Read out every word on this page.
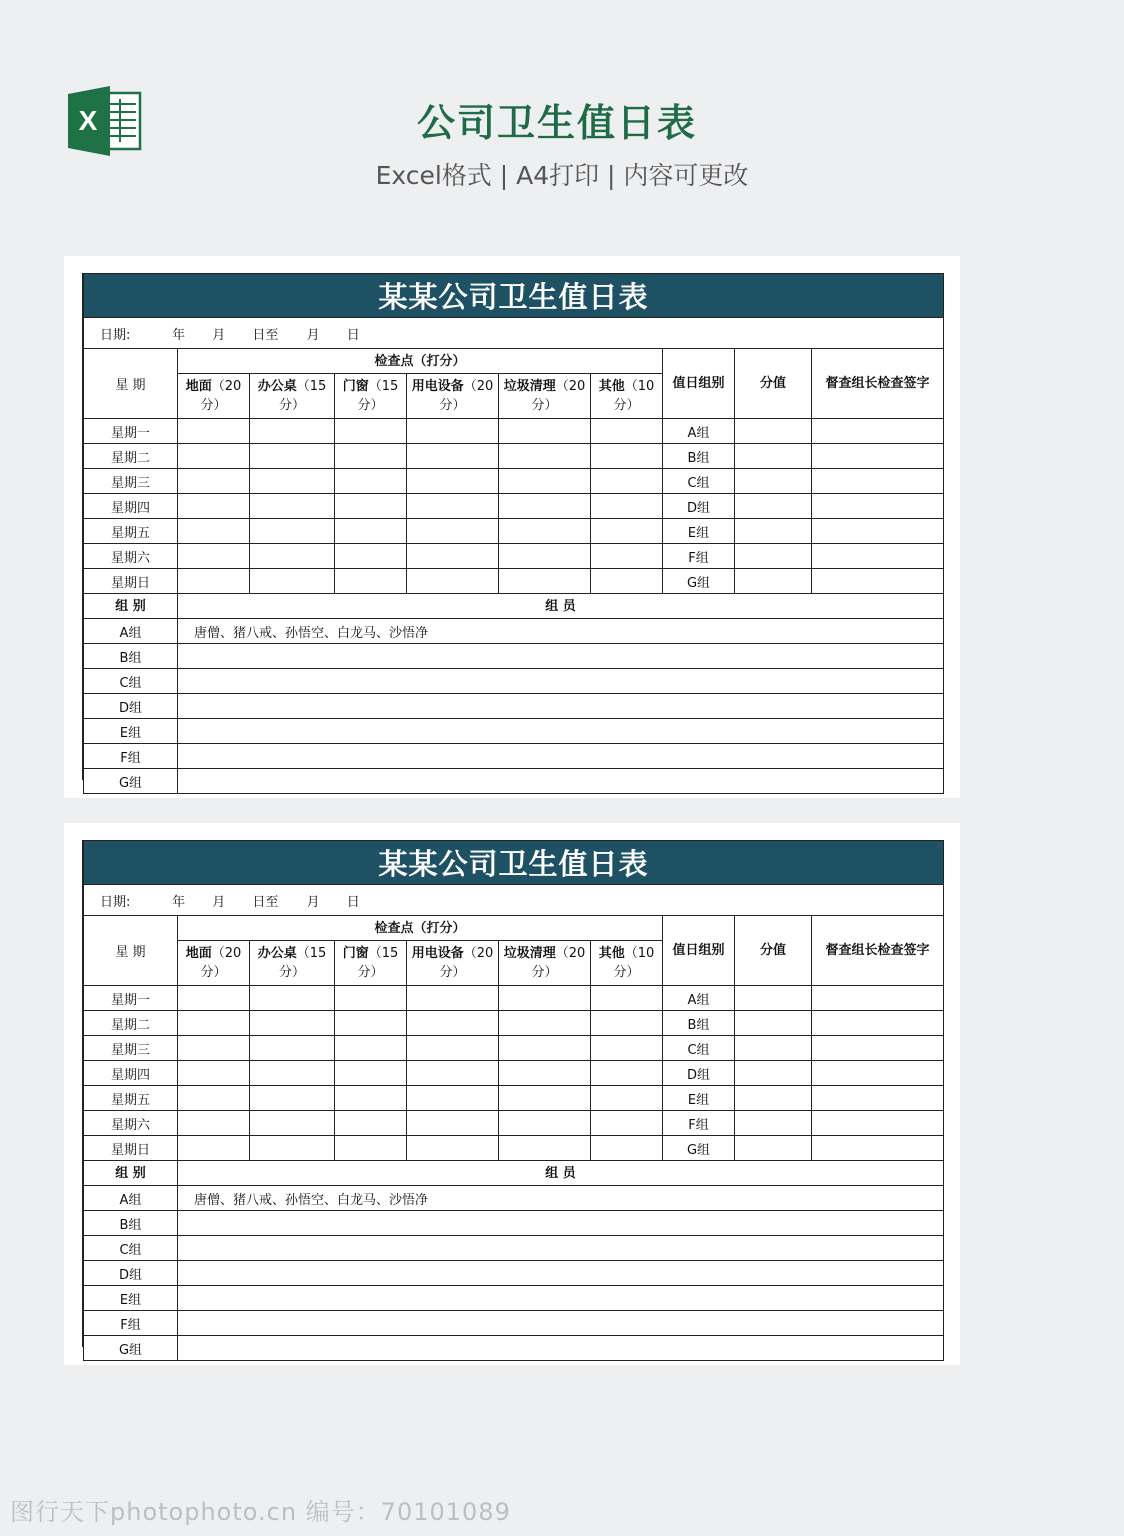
X	公司卫生值日表
Excel格式 | A4打印 | 内容可更改
某某公司卫生值日表									
日期: 年 月 日至 月 日									
星 期	检查点（打分）						值日组别	分值	督查组长检查签字
	地面（20分）	办公桌（15分）	门窗（15分）	用电设备（20分）	垃圾清理（20分）	其他（10分）			
星期一							A组		
星期二							B组		
星期三							C组		
星期四							D组		
星期五							E组		
星期六							F组		
星期日							G组		
组 别	组 员								
A组	唐僧、猪八戒、孙悟空、白龙马、沙悟净								
B组									
C组									
D组									
E组									
F组									
G组									
某某公司卫生值日表									
日期: 年 月 日至 月 日									
星 期	检查点（打分）						值日组别	分值	督查组长检查签字
	地面（20分）	办公桌（15分）	门窗（15分）	用电设备（20分）	垃圾清理（20分）	其他（10分）			
星期一							A组		
星期二							B组		
星期三							C组		
星期四							D组		
星期五							E组		
星期六							F组		
星期日							G组		
组 别	组 员								
A组	唐僧、猪八戒、孙悟空、白龙马、沙悟净								
B组									
C组									
D组									
E组									
F组									
G组									
图行天下photophoto.cn 编号：70101089
